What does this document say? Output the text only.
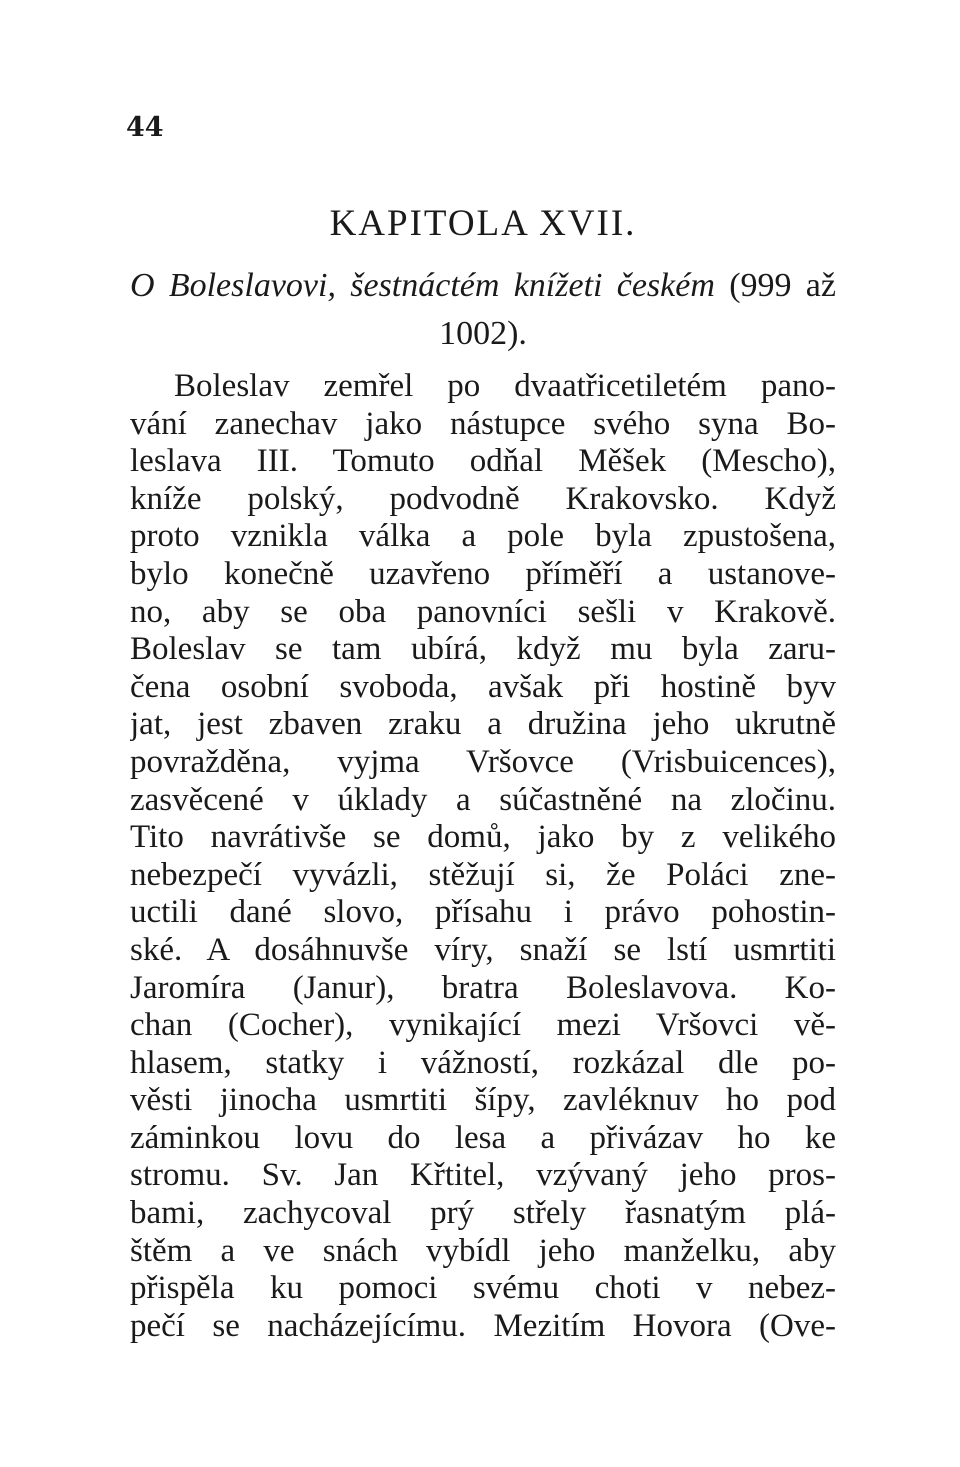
44
KAPITOLA XVII.
O Boleslavovi, šestnáctém knížeti českém (999 až
1002).
Boleslav zemřel po dvaatřicetiletém pano-
vání zanechav jako nástupce svého syna Bo-
leslava III. Tomuto odňal Měšek (Mescho),
kníže polský, podvodně Krakovsko. Když
proto vznikla válka a pole byla zpustošena,
bylo konečně uzavřeno příměří a ustanove-
no, aby se oba panovníci sešli v Krakově.
Boleslav se tam ubírá, když mu byla zaru-
čena osobní svoboda, avšak při hostině byv
jat, jest zbaven zraku a družina jeho ukrutně
povražděna, vyjma Vršovce (Vrisbuicences),
zasvěcené v úklady a súčastněné na zločinu.
Tito navrátivše se domů, jako by z velikého
nebezpečí vyvázli, stěžují si, že Poláci zne-
uctili dané slovo, přísahu i právo pohostin-
ské. A dosáhnuvše víry, snaží se lstí usmrtiti
Jaromíra (Janur), bratra Boleslavova. Ko-
chan (Cocher), vynikající mezi Vršovci vě-
hlasem, statky i vážností, rozkázal dle po-
věsti jinocha usmrtiti šípy, zavléknuv ho pod
záminkou lovu do lesa a přivázav ho ke
stromu. Sv. Jan Křtitel, vzývaný jeho pros-
bami, zachycoval prý střely řasnatým plá-
štěm a ve snách vybídl jeho manželku, aby
přispěla ku pomoci svému choti v nebez-
pečí se nacházejícímu. Mezitím Hovora (Ove-
